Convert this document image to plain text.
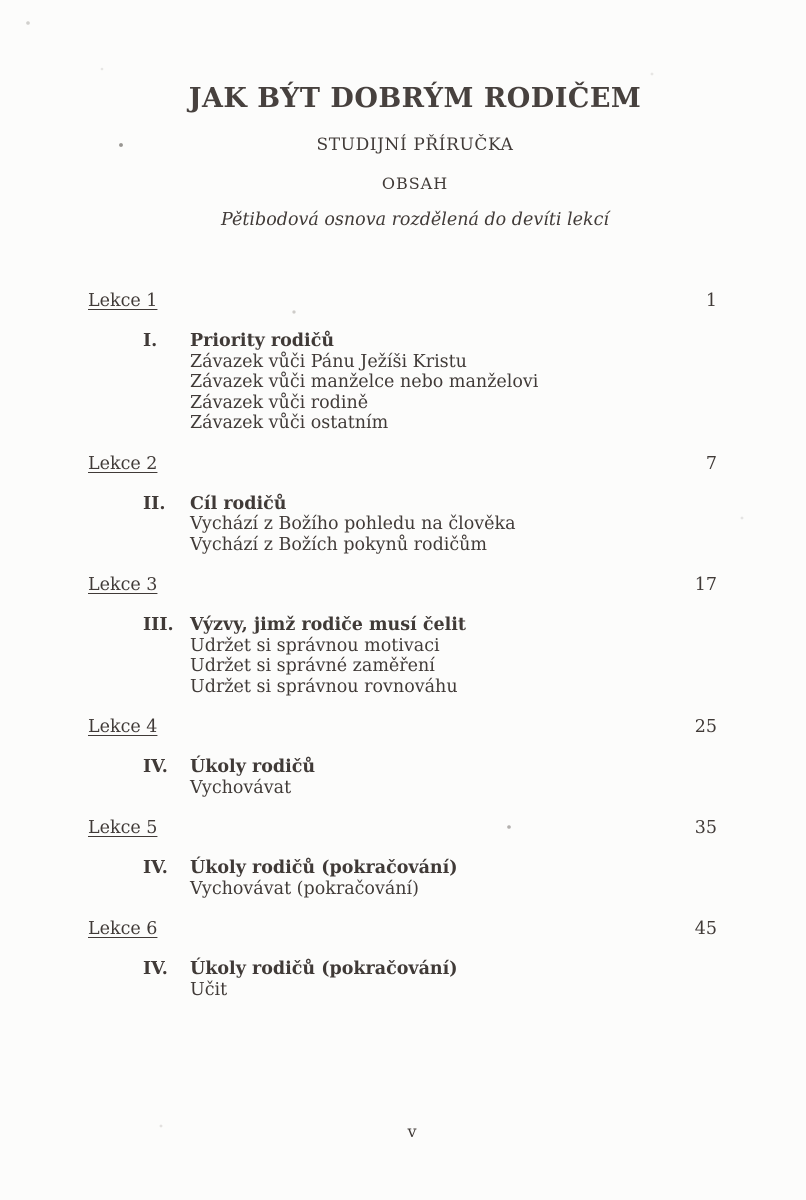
JAK BÝT DOBRÝM RODIČEM
STUDIJNÍ PŘÍRUČKA
OBSAH
Pětibodová osnova rozdělená do devíti lekcí
Lekce 1	1
I.	Priority rodičů
Závazek vůči Pánu Ježíši Kristu
Závazek vůči manželce nebo manželovi
Závazek vůči rodině
Závazek vůči ostatním
Lekce 2	7
II.	Cíl rodičů
Vychází z Božího pohledu na člověka
Vychází z Božích pokynů rodičům
Lekce 3	17
III. Výzvy, jimž rodiče musí čelit
Udržet si správnou motivaci
Udržet si správné zaměření
Udržet si správnou rovnováhu
Lekce 4	25
IV.	Úkoly rodičů
Vychovávat
Lekce 5	35
IV.	Úkoly rodičů (pokračování)
Vychovávat (pokračování)
Lekce 6	45
IV.	Úkoly rodičů (pokračování)
Učit
v
